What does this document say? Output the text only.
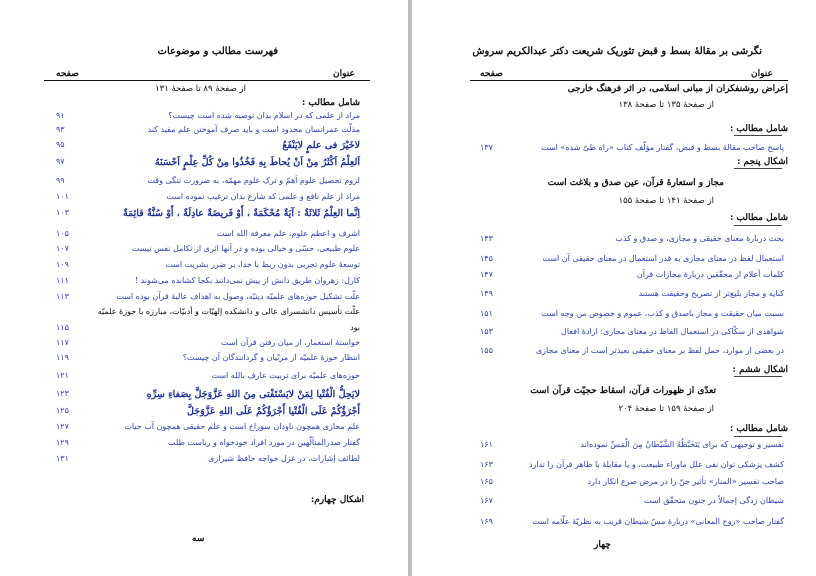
فهرست مطالب و موضوعات
عنوان
صفحه
از صفحهٔ ۸۹ تا صفحهٔ ۱۳۱
شامل مطالب :
مراد از علمی که در اسلام بدان توصیه شده است چیست؟
۹۱
مذلّت عمرانسان محدود است و باید صرف آموختن علم مفید کند
۹۳
لاخَیْرَ فی علمٍ لایَنْفَعُ
۹۵
اَلعِلْمُ اَکْثَرُ مِنْ اَنْ یُحاطَ بِهِ فَخُذُوا مِنْ کُلِّ عِلْمٍ اَحْسَنَهُ
۹۷
لزوم تحصیل علوم اَهمّ و ترک علوم مهمّه، به ضرورت تنگی وقت
۹۹
مراد از علم نافع و علمی که شارع بدان ترغیب نموده است
۱۰۱
اِنَّما العِلْمُ ثَلاثَةٌ : آیَةٌ مُحْکَمَةٌ ، أَوْ فَریضَةٌ عادِلَةٌ ، أَوْ سُنَّةٌ قائِمَةٌ
۱۰۳
اشرف و اعظم علوم، علم معرفة الله است
۱۰۵
علوم طبیعی، حسّی و خیالی بوده و در آنها اثری از تکامل نفس نیست
۱۰۷
توسعهٔ علوم تجربی بدون ربط با خدا، بر ضرر بشریت است
۱۰۹
کارل: زهروان طریق دانش از پیش نمی‌دانند بکجا کشانده می‌شوند !
۱۱۱
علّت تشکیل حوزه‌های علمیّه دینیّه، وصول به اهداف عالیهٔ قرآن بوده است
۱۱۳
علّت تأسیس دانشسرای عالی و دانشکده اِلهیّات و أدبیّات، مبارزه با حوزهٔ علمیّه
بود
۱۱۵
خواستهٔ استعمار، از میان رفتن قرآن است
۱۱۷
انتظار حوزهٔ علمیّه از مربّیان و گردانندگان آن چیست؟
۱۱۹
حوزه‌های علمیّه برای تربیت عارف بالله است
۱۲۱
لایَحِلُّ الْفُتْیا لِمَنْ لایَسْتَفْتی مِنَ اللهِ عَزَّوَجَلَّ بِصَفاءِ سِرِّهِ
۱۲۳
أَجْرَؤُکُمْ عَلَی الْفُتْیا أَجْرَؤُکُمْ عَلَی اللهِ عَزَّوَجَلَّ
۱۲۵
علم مجازی همچون ناودان سوراخ است و علم حقیقی همچون آب حیات
۱۲۷
گفتار صدرالمتألّهین در مورد افراد خودخواه و ریاست طلب
۱۲۹
لطائف إشارات، در غزل خواجه حافظ شیرازی
۱۳۱
اشکال چهارم:
سه
نگرشی بر مقالهٔ بسط و قبض تئوریک شریعت دکتر عبدالکریم سروش
عنوان
صفحه
إعراض روشنفکران از مبانی اسلامی، در اثر فرهنگ خارجی
از صفحهٔ ۱۳۵ تا صفحهٔ ۱۳۸
شامل مطالب :
اشکال پنجم :
مجاز و استعارهٔ قرآن، عین صدق و بلاغت است
از صفحهٔ ۱۴۱ تا صفحهٔ ۱۵۵
شامل مطالب :
اشکال ششم :
تعدّی از ظهورات قرآن، اسقاط حجیّت قرآن است
از صفحهٔ ۱۵۹ تا صفحهٔ ۲۰۴
شامل مطالب :
پاسخ صاحب مقالهٔ بسط و قبض، گفتار مؤلّف کتاب «راه طیّ شده» است
۱۳۷
بحث دربارهٔ معنای حقیقی و مجازی، و صدق و کذب
۱۴۳
استعمال لفظ در معنای مجازی به قدر استعمال در معنای حقیقی آن است
۱۴۵
کلمات أعلام از محقّقین دربارهٔ مجازات قرآن
۱۴۷
کنایه و مجاز بلیغ‌تر از تصریح وحقیقت هستند
۱۴۹
نسبت میان حقیقت و مجاز باصدق و کذب، عموم و خصوص من وجه است
۱۵۱
شواهدی از سکّاکی در استعمال الفاظ در معنای مجازی: ارادهٔ افعال
۱۵۳
در بعضی از موارد، حمل لفظ بر معنای حقیقی بعیدتر است از معنای مجازی
۱۵۵
تفسیر و توجیهی که برای یَتَخَبَّطُهُ الشَّیْطانُ مِنَ الْمَسِّ نموده‌اند
۱۶۱
کشف پزشکی توان نفی علل ماوراء طبیعت، و یا مقابلهٔ با ظاهر قرآن را ندارد
۱۶۳
صاحب تفسیر «المنار» تأثیر جنّ را در مرض صرع انکار دارد
۱۶۵
شیطان زدگی إجمالاً در جنون متحقّق است
۱۶۷
گفتار صاحب «روح المعانی» دربارهٔ مسّ شیطان قریب به نظریّهٔ علّامه است
۱۶۹
چهار
